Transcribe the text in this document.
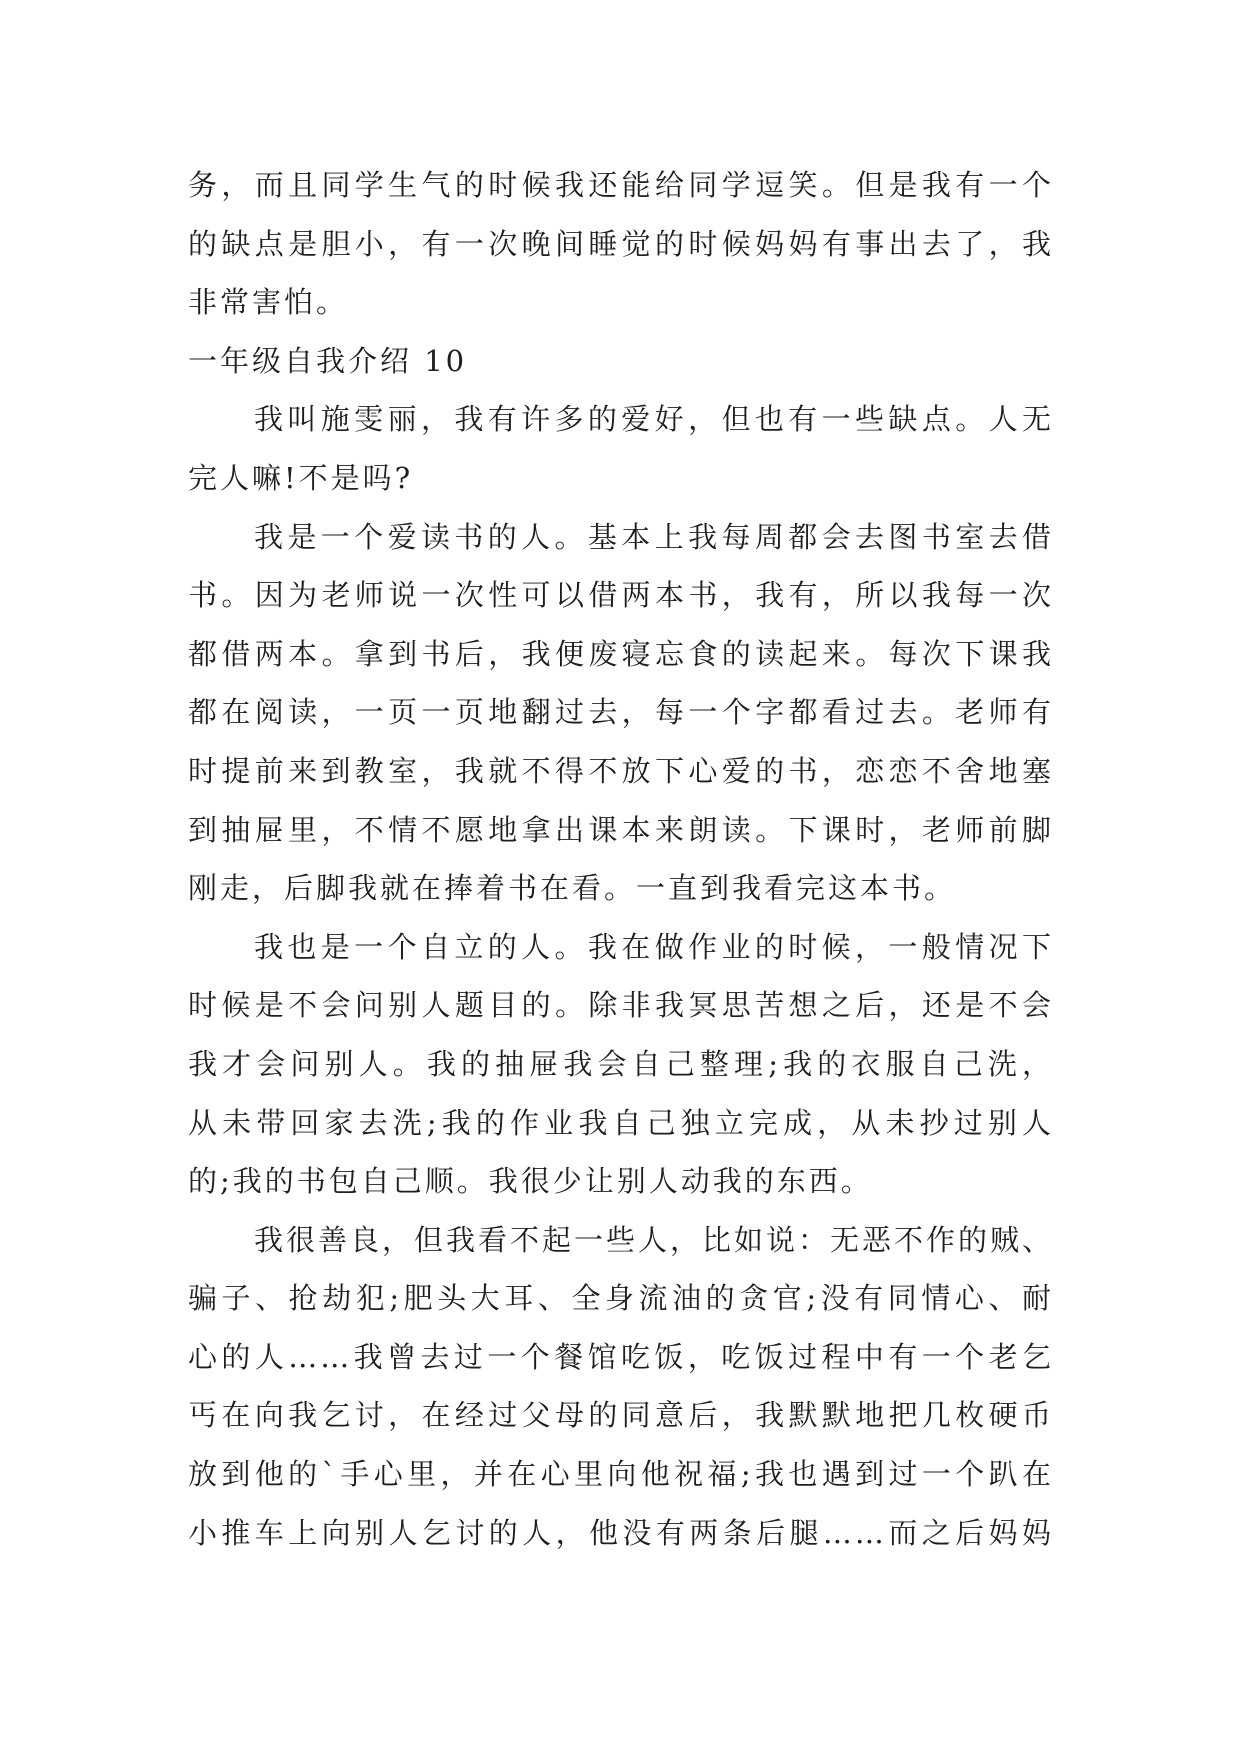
务，而且同学生气的时候我还能给同学逗笑。但是我有一个
的缺点是胆小，有一次晚间睡觉的时候妈妈有事出去了，我
非常害怕。
一年级自我介绍 10
我叫施雯丽，我有许多的爱好，但也有一些缺点。人无
完人嘛!不是吗?
我是一个爱读书的人。基本上我每周都会去图书室去借
书。因为老师说一次性可以借两本书，我有，所以我每一次
都借两本。拿到书后，我便废寝忘食的读起来。每次下课我
都在阅读，一页一页地翻过去，每一个字都看过去。老师有
时提前来到教室，我就不得不放下心爱的书，恋恋不舍地塞
到抽屉里，不情不愿地拿出课本来朗读。下课时，老师前脚
刚走，后脚我就在捧着书在看。一直到我看完这本书。
我也是一个自立的人。我在做作业的时候，一般情况下
时候是不会问别人题目的。除非我冥思苦想之后，还是不会
我才会问别人。我的抽屉我会自己整理;我的衣服自己洗，
从未带回家去洗;我的作业我自己独立完成，从未抄过别人
的;我的书包自己顺。我很少让别人动我的东西。
我很善良，但我看不起一些人，比如说：无恶不作的贼、
骗子、抢劫犯;肥头大耳、全身流油的贪官;没有同情心、耐
心的人……我曾去过一个餐馆吃饭，吃饭过程中有一个老乞
丐在向我乞讨，在经过父母的同意后，我默默地把几枚硬币
放到他的`手心里，并在心里向他祝福;我也遇到过一个趴在
小推车上向别人乞讨的人，他没有两条后腿……而之后妈妈
